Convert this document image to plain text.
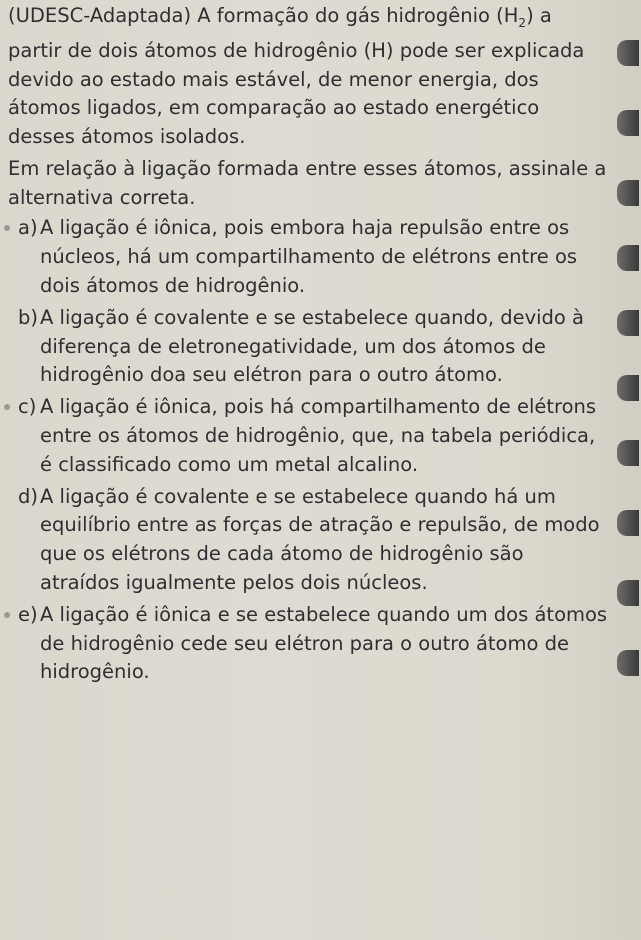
(UDESC-Adaptada) A formação do gás hidrogênio $(H_2)$ a partir de dois átomos de hidrogênio (H) pode ser explicada devido ao estado mais estável, de menor energia, dos átomos ligados, em comparação ao estado energético desses átomos isolados.

Em relação à ligação formada entre esses átomos, assinale a alternativa correta.

a) A ligação é iônica, pois embora haja repulsão entre os núcleos, há um compartilhamento de elétrons entre os dois átomos de hidrogênio.
b) A ligação é covalente e se estabelece quando, devido à diferença de eletronegatividade, um dos átomos de hidrogênio doa seu elétron para o outro átomo.
c) A ligação é iônica, pois há compartilhamento de elétrons entre os átomos de hidrogênio, que, na tabela periódica, é classificado como um metal alcalino.
d) A ligação é covalente e se estabelece quando há um equilíbrio entre as forças de atração e repulsão, de modo que os elétrons de cada átomo de hidrogênio são atraídos igualmente pelos dois núcleos.
e) A ligação é iônica e se estabelece quando um dos átomos de hidrogênio cede seu elétron para o outro átomo de hidrogênio.
